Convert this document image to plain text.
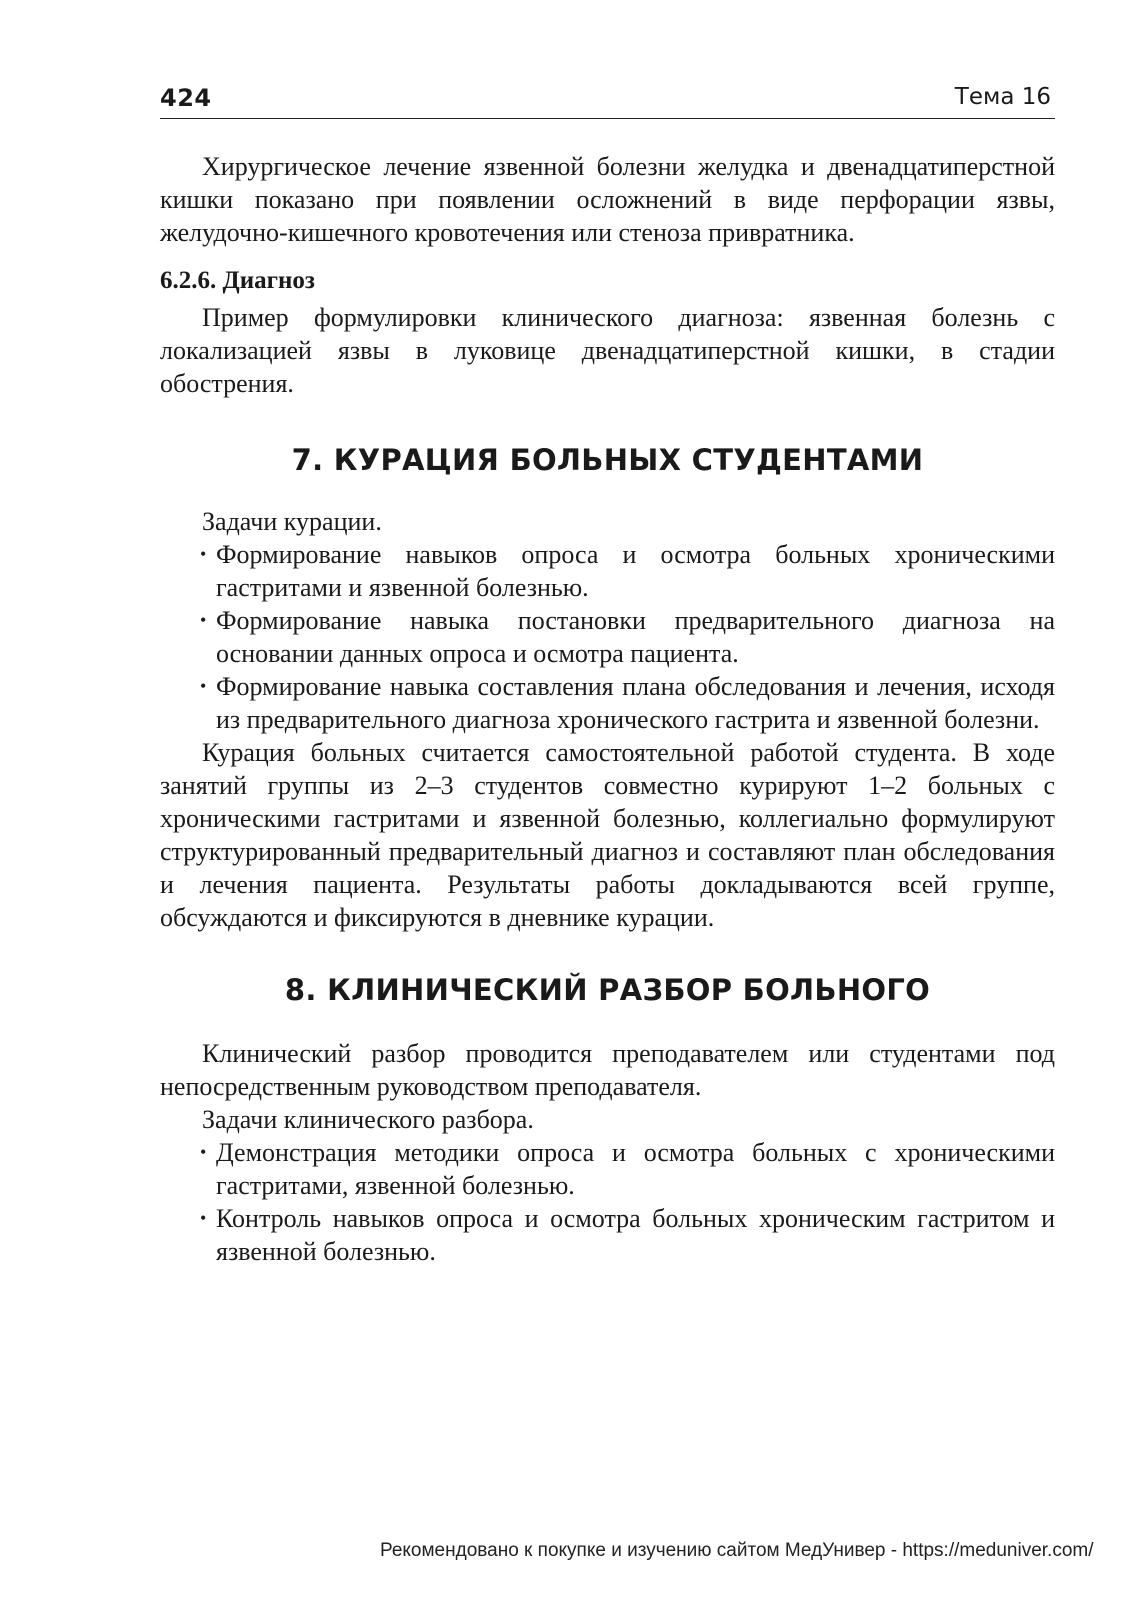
424	Тема 16

Хирургическое лечение язвенной болезни желудка и двенадцатиперстной кишки показано при появлении осложнений в виде перфорации язвы, желудочно-кишечного кровотечения или стеноза привратника.

6.2.6. Диагноз

Пример формулировки клинического диагноза: язвенная болезнь с локализацией язвы в луковице двенадцатиперстной кишки, в стадии обострения.

7. КУРАЦИЯ БОЛЬНЫХ СТУДЕНТАМИ

Задачи курации.

• Формирование навыков опроса и осмотра больных хроническими гастритами и язвенной болезнью.
• Формирование навыка постановки предварительного диагноза на основании данных опроса и осмотра пациента.
• Формирование навыка составления плана обследования и лечения, исходя из предварительного диагноза хронического гастрита и язвенной болезни.

Курация больных считается самостоятельной работой студента. В ходе занятий группы из 2–3 студентов совместно курируют 1–2 больных с хроническими гастритами и язвенной болезнью, коллегиально формулируют структурированный предварительный диагноз и составляют план обследования и лечения пациента. Результаты работы докладываются всей группе, обсуждаются и фиксируются в дневнике курации.

8. КЛИНИЧЕСКИЙ РАЗБОР БОЛЬНОГО

Клинический разбор проводится преподавателем или студентами под непосредственным руководством преподавателя.

Задачи клинического разбора.

• Демонстрация методики опроса и осмотра больных с хроническими гастритами, язвенной болезнью.
• Контроль навыков опроса и осмотра больных хроническим гастритом и язвенной болезнью.
Рекомендовано к покупке и изучению сайтом МедУнивер - https://meduniver.com/
